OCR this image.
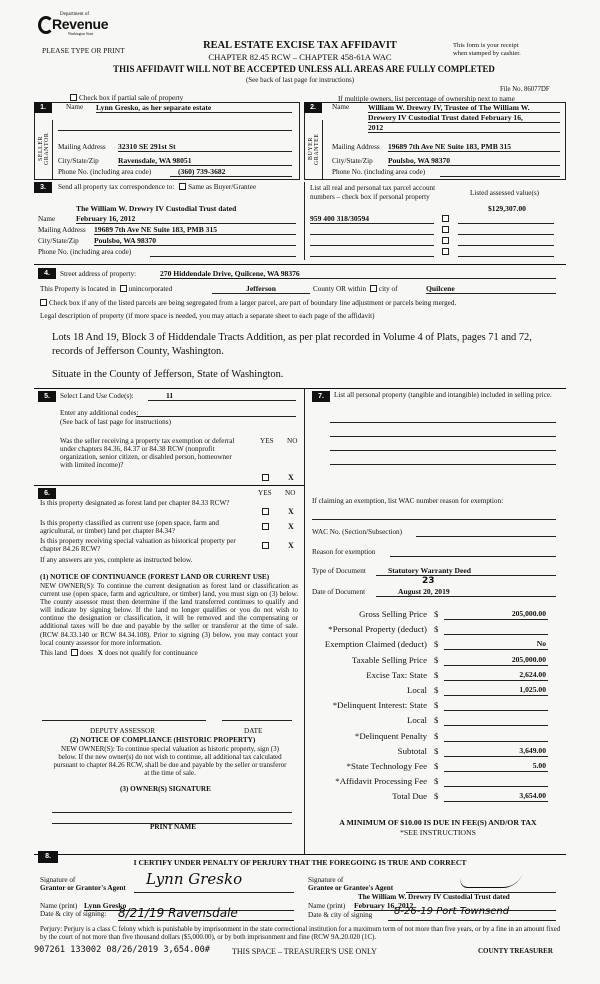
Department of
Revenue
Washington State
PLEASE TYPE OR PRINT	REAL ESTATE EXCISE TAX AFFIDAVIT
CHAPTER 82.45 RCW – CHAPTER 458-61A WAC
THIS AFFIDAVIT WILL NOT BE ACCEPTED UNLESS ALL AREAS ARE FULLY COMPLETED
(See back of last page for instructions)
This form is your receipt when stamped by cashier.
File No. 86077DF
Check box if partial sale of property	If multiple owners, list percentage of ownership next to name
1.	2.
SELLER GRANTOR
Name Lynn Gresko, as her separate estate
Mailing Address 32310 SE 291st St
City/State/Zip	Ravensdale, WA 98051
Phone No. (including area code)	(360) 739-3682
BUYER GRANTEE
Name William W. Drewry IV, Trustee of The William W.
Drewery IV Custodial Trust dated February 16,
2012
Mailing Address 19689 7th Ave NE Suite 183, PMB 315
City/State/Zip Poulsbo, WA 98370
Phone No. (including area code)
3.	Send all property tax correspondence to: Same as Buyer/Grantee
The William W. Drewry IV Custodial Trust dated
Name	February 16, 2012
Mailing Address 19689 7th Ave NE Suite 183, PMB 315
City/State/Zip Poulsbo, WA 98370
Phone No. (including area code)
List all real and personal tax parcel account numbers – check box if personal property	Listed assessed value(s)
959 400 318/30594
$129,307.00
4.	Street address of property:	270 Hiddendale Drive, Quilcene, WA 98376
This Property is located in unincorporated	Jefferson	County OR within city of	Quilcene
Check box if any of the listed parcels are being segregated from a larger parcel, are part of boundary line adjustment or parcels being merged.
Legal description of property (if more space is needed, you may attach a separate sheet to each page of the affidavit)
Lots 18 And 19, Block 3 of Hiddendale Tracts Addition, as per plat recorded in Volume 4 of Plats, pages 71 and 72, records of Jefferson County, Washington.
Situate in the County of Jefferson, State of Washington.
5.	Select Land Use Code(s):	11
Enter any additional codes:
(See back of last page for instructions)
YES NO
Was the seller receiving a property tax exemption or deferral under chapters 84.36, 84.37 or 84.38 RCW (nonprofit organization, senior citizen, or disabled person, homeowner with limited income)?
X
6.	YES NO
Is this property designated as forest land per chapter 84.33 RCW?
X
Is this property classified as current use (open space, farm and agricultural, or timber) land per chapter 84.34?	X
Is this property receiving special valuation as historical property per chapter 84.26 RCW?	X
If any answers are yes, complete as instructed below.
(1) NOTICE OF CONTINUANCE (FOREST LAND OR CURRENT USE)
NEW OWNER(S): To continue the current designation as forest land or classification as current use (open space, farm and agriculture, or timber) land, you must sign on (3) below. The county assessor must then determine if the land transferred continues to qualify and will indicate by signing below. If the land no longer qualifies or you do not wish to continue the designation or classification, it will be removed and the compensating or additional taxes will be due and payable by the seller or transferor at the time of sale. (RCW 84.33.140 or RCW 84.34.108). Prior to signing (3) below, you may contact your local county assessor for more information.
This land does X does not qualify for continuance
DEPUTY ASSESSOR	DATE
(2) NOTICE OF COMPLIANCE (HISTORIC PROPERTY)
NEW OWNER(S): To continue special valuation as historic property, sign (3) below. If the new owner(s) do not wish to continue, all additional tax calculated pursuant to chapter 84.26 RCW, shall be due and payable by the seller or transferor at the time of sale.
(3) OWNER(S) SIGNATURE
PRINT NAME
7.	List all personal property (tangible and intangible) included in selling price.
If claiming an exemption, list WAC number reason for exemption:
WAC No. (Section/Subsection)
Reason for exemption
Type of Document	Statutory Warranty Deed
Date of Document	August 20, 2019
23
Gross Selling Price $	205,000.00
*Personal Property (deduct) $
Exemption Claimed (deduct) $	No
Taxable Selling Price $	205,000.00
Excise Tax: State $	2,624.00
Local $	1,025.00
*Delinquent Interest: State $
Local $
*Delinquent Penalty $
Subtotal $	3,649.00
*State Technology Fee $	5.00
*Affidavit Processing Fee $
Total Due $	3,654.00
A MINIMUM OF $10.00 IS DUE IN FEE(S) AND/OR TAX
*SEE INSTRUCTIONS
8.
I CERTIFY UNDER PENALTY OF PERJURY THAT THE FOREGOING IS TRUE AND CORRECT
Signature of
Grantor or Grantor's Agent Lynn Gresko
Name (print) Lynn Gresko
Date & city of signing: 8/21/19 Ravensdale
Signature of
Grantee or Grantee's Agent
The William W. Drewry IV Custodial Trust dated
Name (print) February 16, 2012
Date & city of signing 8-26-19 Port Townsend
Perjury: Perjury is a class C felony which is punishable by imprisonment in the state correctional institution for a maximum term of not more than five years, or by a fine in an amount fixed by the court of not more than five thousand dollars ($5,000.00), or by both imprisonment and fine (RCW 9A.20.020 (1C).
907261 133002 08/26/2019 3,654.00#	THIS SPACE – TREASURER'S USE ONLY	COUNTY TREASURER
